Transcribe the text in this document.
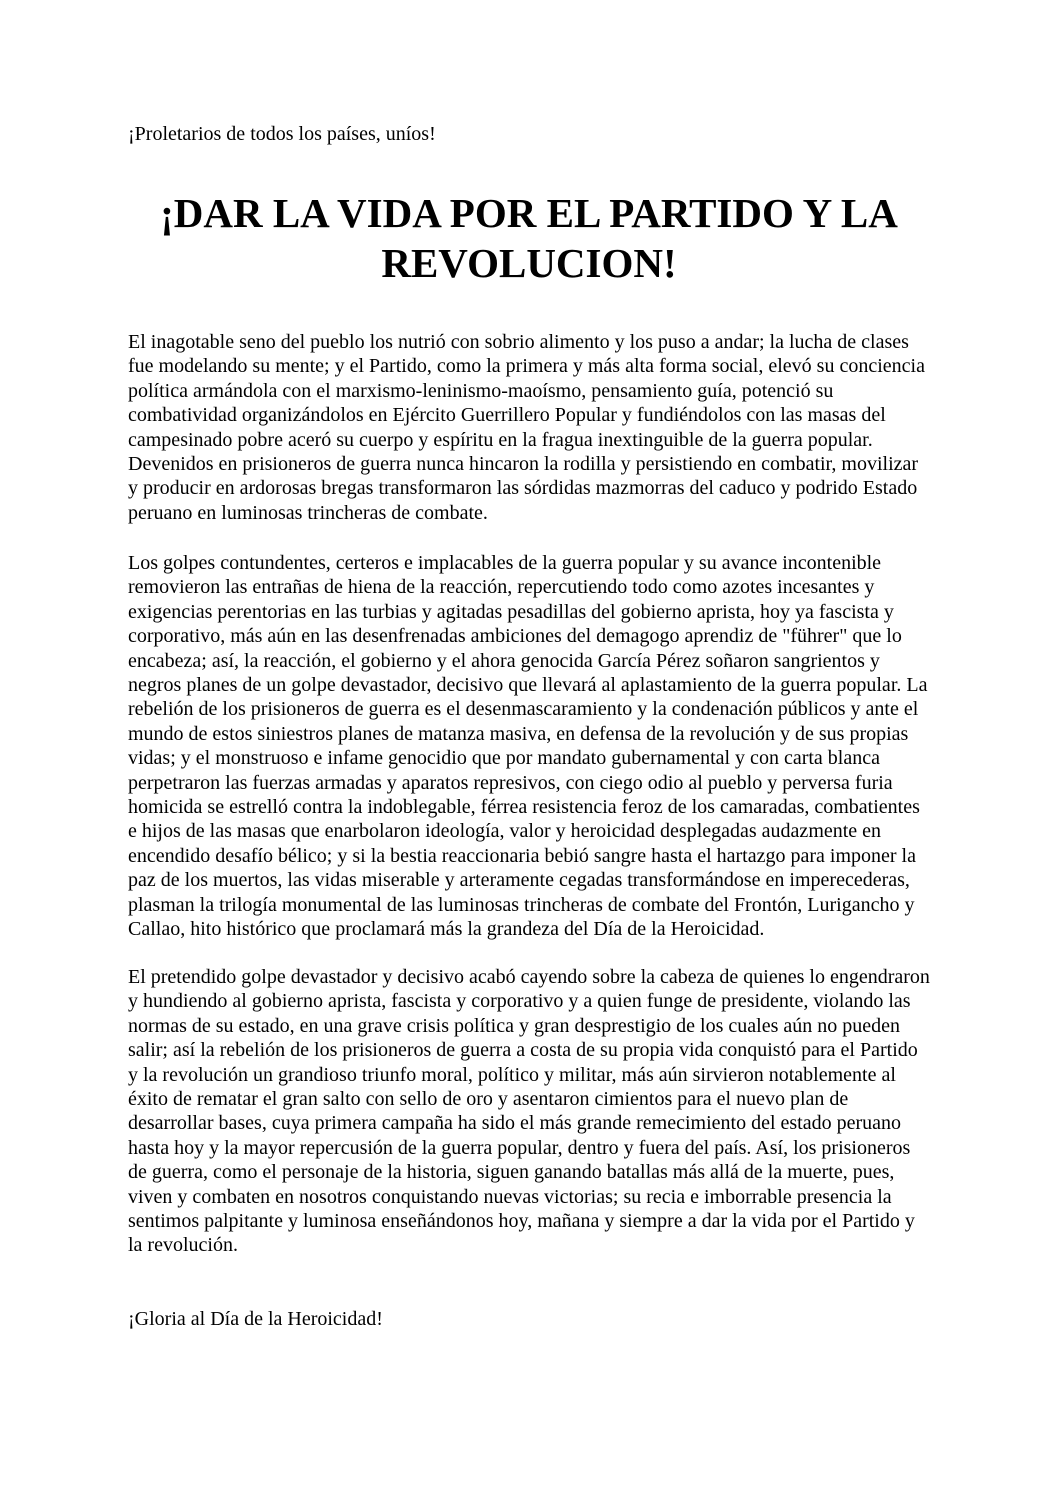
¡Proletarios de todos los países, uníos!
¡DAR LA VIDA POR EL PARTIDO Y LA
REVOLUCION!
El inagotable seno del pueblo los nutrió con sobrio alimento y los puso a andar; la lucha de clases
fue modelando su mente; y el Partido, como la primera y más alta forma social, elevó su conciencia
política armándola con el marxismo-leninismo-maoísmo, pensamiento guía, potenció su
combatividad organizándolos en Ejército Guerrillero Popular y fundiéndolos con las masas del
campesinado pobre aceró su cuerpo y espíritu en la fragua inextinguible de la guerra popular.
Devenidos en prisioneros de guerra nunca hincaron la rodilla y persistiendo en combatir, movilizar
y producir en ardorosas bregas transformaron las sórdidas mazmorras del caduco y podrido Estado
peruano en luminosas trincheras de combate.
Los golpes contundentes, certeros e implacables de la guerra popular y su avance incontenible
removieron las entrañas de hiena de la reacción, repercutiendo todo como azotes incesantes y
exigencias perentorias en las turbias y agitadas pesadillas del gobierno aprista, hoy ya fascista y
corporativo, más aún en las desenfrenadas ambiciones del demagogo aprendiz de "führer" que lo
encabeza; así, la reacción, el gobierno y el ahora genocida García Pérez soñaron sangrientos y
negros planes de un golpe devastador, decisivo que llevará al aplastamiento de la guerra popular. La
rebelión de los prisioneros de guerra es el desenmascaramiento y la condenación públicos y ante el
mundo de estos siniestros planes de matanza masiva, en defensa de la revolución y de sus propias
vidas; y el monstruoso e infame genocidio que por mandato gubernamental y con carta blanca
perpetraron las fuerzas armadas y aparatos represivos, con ciego odio al pueblo y perversa furia
homicida se estrelló contra la indoblegable, férrea resistencia feroz de los camaradas, combatientes
e hijos de las masas que enarbolaron ideología, valor y heroicidad desplegadas audazmente en
encendido desafío bélico; y si la bestia reaccionaria bebió sangre hasta el hartazgo para imponer la
paz de los muertos, las vidas miserable y arteramente cegadas transformándose en imperecederas,
plasman la trilogía monumental de las luminosas trincheras de combate del Frontón, Lurigancho y
Callao, hito histórico que proclamará más la grandeza del Día de la Heroicidad.
El pretendido golpe devastador y decisivo acabó cayendo sobre la cabeza de quienes lo engendraron
y hundiendo al gobierno aprista, fascista y corporativo y a quien funge de presidente, violando las
normas de su estado, en una grave crisis política y gran desprestigio de los cuales aún no pueden
salir; así la rebelión de los prisioneros de guerra a costa de su propia vida conquistó para el Partido
y la revolución un grandioso triunfo moral, político y militar, más aún sirvieron notablemente al
éxito de rematar el gran salto con sello de oro y asentaron cimientos para el nuevo plan de
desarrollar bases, cuya primera campaña ha sido el más grande remecimiento del estado peruano
hasta hoy y la mayor repercusión de la guerra popular, dentro y fuera del país. Así, los prisioneros
de guerra, como el personaje de la historia, siguen ganando batallas más allá de la muerte, pues,
viven y combaten en nosotros conquistando nuevas victorias; su recia e imborrable presencia la
sentimos palpitante y luminosa enseñándonos hoy, mañana y siempre a dar la vida por el Partido y
la revolución.
¡Gloria al Día de la Heroicidad!
